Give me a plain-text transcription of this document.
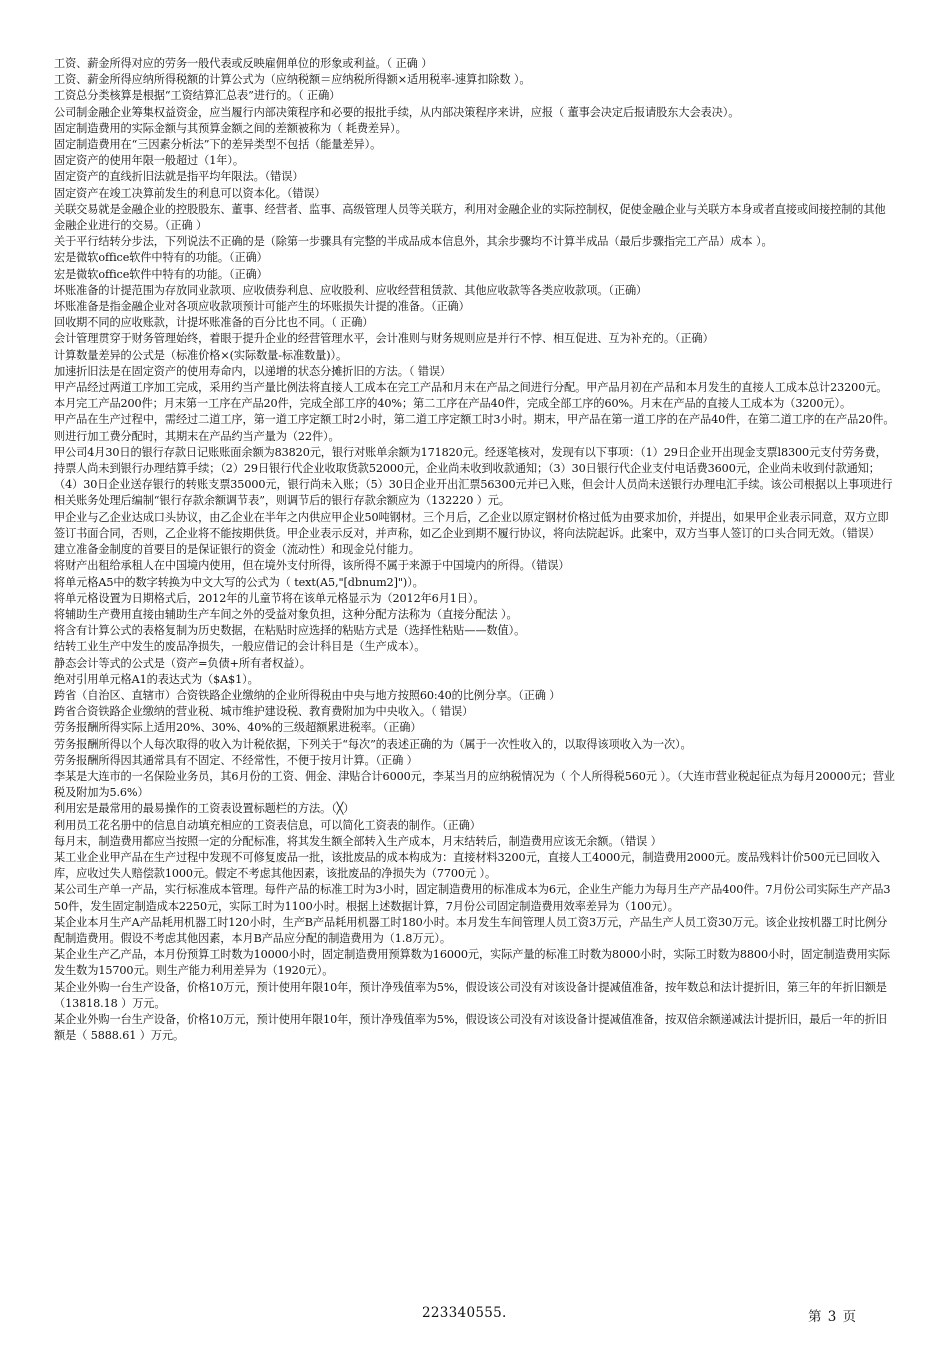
工资、薪金所得对应的劳务一般代表或反映雇佣单位的形象或利益。（ 正确 ）
工资、薪金所得应纳所得税额的计算公式为（应纳税额＝应纳税所得额×适用税率-速算扣除数 ）。
工资总分类核算是根据“工资结算汇总表”进行的。（ 正确）
公司制金融企业筹集权益资金，应当履行内部决策程序和必要的报批手续，从内部决策程序来讲，应报（ 董事会决定后报请股东大会表决）。
固定制造费用的实际金额与其预算金额之间的差额被称为（ 耗费差异）。
固定制造费用在“三因素分析法”下的差异类型不包括（能量差异）。
固定资产的使用年限一般超过（1年）。
固定资产的直线折旧法就是指平均年限法。（错误）
固定资产在竣工决算前发生的利息可以资本化。（错误）
关联交易就是金融企业的控股股东、董事、经营者、监事、高级管理人员等关联方，利用对金融企业的实际控制权，促使金融企业与关联方本身或者直接或间接控制的其他金融企业进行的交易。（正确 ）
关于平行结转分步法，下列说法不正确的是（除第一步骤具有完整的半成品成本信息外，其余步骤均不计算半成品（最后步骤指完工产品）成本 ）。
宏是微软office软件中特有的功能。（正确）
宏是微软office软件中特有的功能。（正确）
坏账准备的计提范围为存放同业款项、应收债券利息、应收股利、应收经营租赁款、其他应收款等各类应收款项。（正确）
坏账准备是指金融企业对各项应收款项预计可能产生的坏账损失计提的准备。（正确）
回收期不同的应收账款，计提坏账准备的百分比也不同。（ 正确）
会计管理贯穿于财务管理始终，着眼于提升企业的经营管理水平，会计准则与财务规则应是并行不悖、相互促进、互为补充的。（正确）
计算数量差异的公式是（标准价格×(实际数量-标准数量)）。
加速折旧法是在固定资产的使用寿命内，以递增的状态分摊折旧的方法。（ 错误）
甲产品经过两道工序加工完成，采用约当产量比例法将直接人工成本在完工产品和月末在产品之间进行分配。甲产品月初在产品和本月发生的直接人工成本总计23200元。本月完工产品200件；月末第一工序在产品20件，完成全部工序的40%；第二工序在产品40件，完成全部工序的60%。月末在产品的直接人工成本为（3200元）。
甲产品在生产过程中，需经过二道工序，第一道工序定额工时2小时，第二道工序定额工时3小时。期末，甲产品在第一道工序的在产品40件，在第二道工序的在产品20件。则进行加工费分配时，其期末在产品约当产量为（22件）。
甲公司4月30日的银行存款日记账账面余额为83820元，银行对账单余额为171820元。经逐笔核对，发现有以下事项：（1）29日企业开出现金支票l8300元支付劳务费，持票人尚未到银行办理结算手续；（2）29日银行代企业收取货款52000元，企业尚未收到收款通知；（3）30日银行代企业支付电话费3600元，企业尚未收到付款通知；（4）30日企业送存银行的转账支票35000元，银行尚未入账；（5）30日企业开出汇票56300元并已入账，但会计人员尚未送银行办理电汇手续。该公司根据以上事项进行相关账务处理后编制“银行存款余额调节表”，则调节后的银行存款余额应为（132220 ）元。
甲企业与乙企业达成口头协议，由乙企业在半年之内供应甲企业50吨钢材。三个月后，乙企业以原定钢材价格过低为由要求加价，并提出，如果甲企业表示同意，双方立即签订书面合同，否则，乙企业将不能按期供货。甲企业表示反对，并声称，如乙企业到期不履行协议，将向法院起诉。此案中，双方当事人签订的口头合同无效。（错误）
建立准备金制度的首要目的是保证银行的资金（流动性）和现金兑付能力。
将财产出租给承租人在中国境内使用，但在境外支付所得，该所得不属于来源于中国境内的所得。（错误）
将单元格A5中的数字转换为中文大写的公式为（ text(A5,"[dbnum2]")）。
将单元格设置为日期格式后，2012年的儿童节将在该单元格显示为（2012年6月1日）。
将辅助生产费用直接由辅助生产车间之外的受益对象负担，这种分配方法称为（直接分配法 ）。
将含有计算公式的表格复制为历史数据，在粘贴时应选择的粘贴方式是（选择性粘贴——数值）。
结转工业生产中发生的废品净损失，一般应借记的会计科目是（生产成本）。
静态会计等式的公式是（资产=负债+所有者权益）。
绝对引用单元格A1的表达式为（$A$1）。
跨省（自治区、直辖市）合资铁路企业缴纳的企业所得税由中央与地方按照60:40的比例分享。（正确 ）
跨省合资铁路企业缴纳的营业税、城市维护建设税、教育费附加为中央收入。（ 错误）
劳务报酬所得实际上适用20%、30%、40%的三级超额累进税率。（正确）
劳务报酬所得以个人每次取得的收入为计税依据，下列关于“每次”的表述正确的为（属于一次性收入的，以取得该项收入为一次）。
劳务报酬所得因其通常具有不固定、不经常性，不便于按月计算。（正确 ）
李某是大连市的一名保险业务员，其6月份的工资、佣金、津贴合计6000元，李某当月的应纳税情况为（ 个人所得税560元 ）。（大连市营业税起征点为每月20000元；营业税及附加为5.6%）
利用宏是最常用的最易操作的工资表设置标题栏的方法。（╳）
利用员工花名册中的信息自动填充相应的工资表信息，可以简化工资表的制作。（正确）
每月末，制造费用都应当按照一定的分配标准，将其发生额全部转入生产成本，月末结转后，制造费用应该无余额。（错误 ）
某工业企业甲产品在生产过程中发现不可修复废品一批，该批废品的成本构成为：直接材料3200元，直接人工4000元，制造费用2000元。废品残料计价500元已回收入库，应收过失人赔偿款1000元。假定不考虑其他因素，该批废品的净损失为（7700元 ）。
某公司生产单一产品，实行标准成本管理。每件产品的标准工时为3小时，固定制造费用的标准成本为6元，企业生产能力为每月生产产品400件。7月份公司实际生产产品350件，发生固定制造成本2250元，实际工时为1100小时。根据上述数据计算，7月份公司固定制造费用效率差异为（100元）。
某企业本月生产A产品耗用机器工时120小时，生产B产品耗用机器工时180小时。本月发生车间管理人员工资3万元，产品生产人员工资30万元。该企业按机器工时比例分配制造费用。假设不考虑其他因素，本月B产品应分配的制造费用为（1.8万元）。
某企业生产乙产品，本月份预算工时数为10000小时，固定制造费用预算数为16000元，实际产量的标准工时数为8000小时，实际工时数为8800小时，固定制造费用实际发生数为15700元。则生产能力利用差异为（1920元）。
某企业外购一台生产设备，价格10万元，预计使用年限10年，预计净残值率为5%，假设该公司没有对该设备计提减值准备，按年数总和法计提折旧，第三年的年折旧额是（13818.18 ）万元。
某企业外购一台生产设备，价格10万元，预计使用年限10年，预计净残值率为5%，假设该公司没有对该设备计提减值准备，按双倍余额递减法计提折旧，最后一年的折旧额是（ 5888.61 ）万元。
223340555.	第 3 页
